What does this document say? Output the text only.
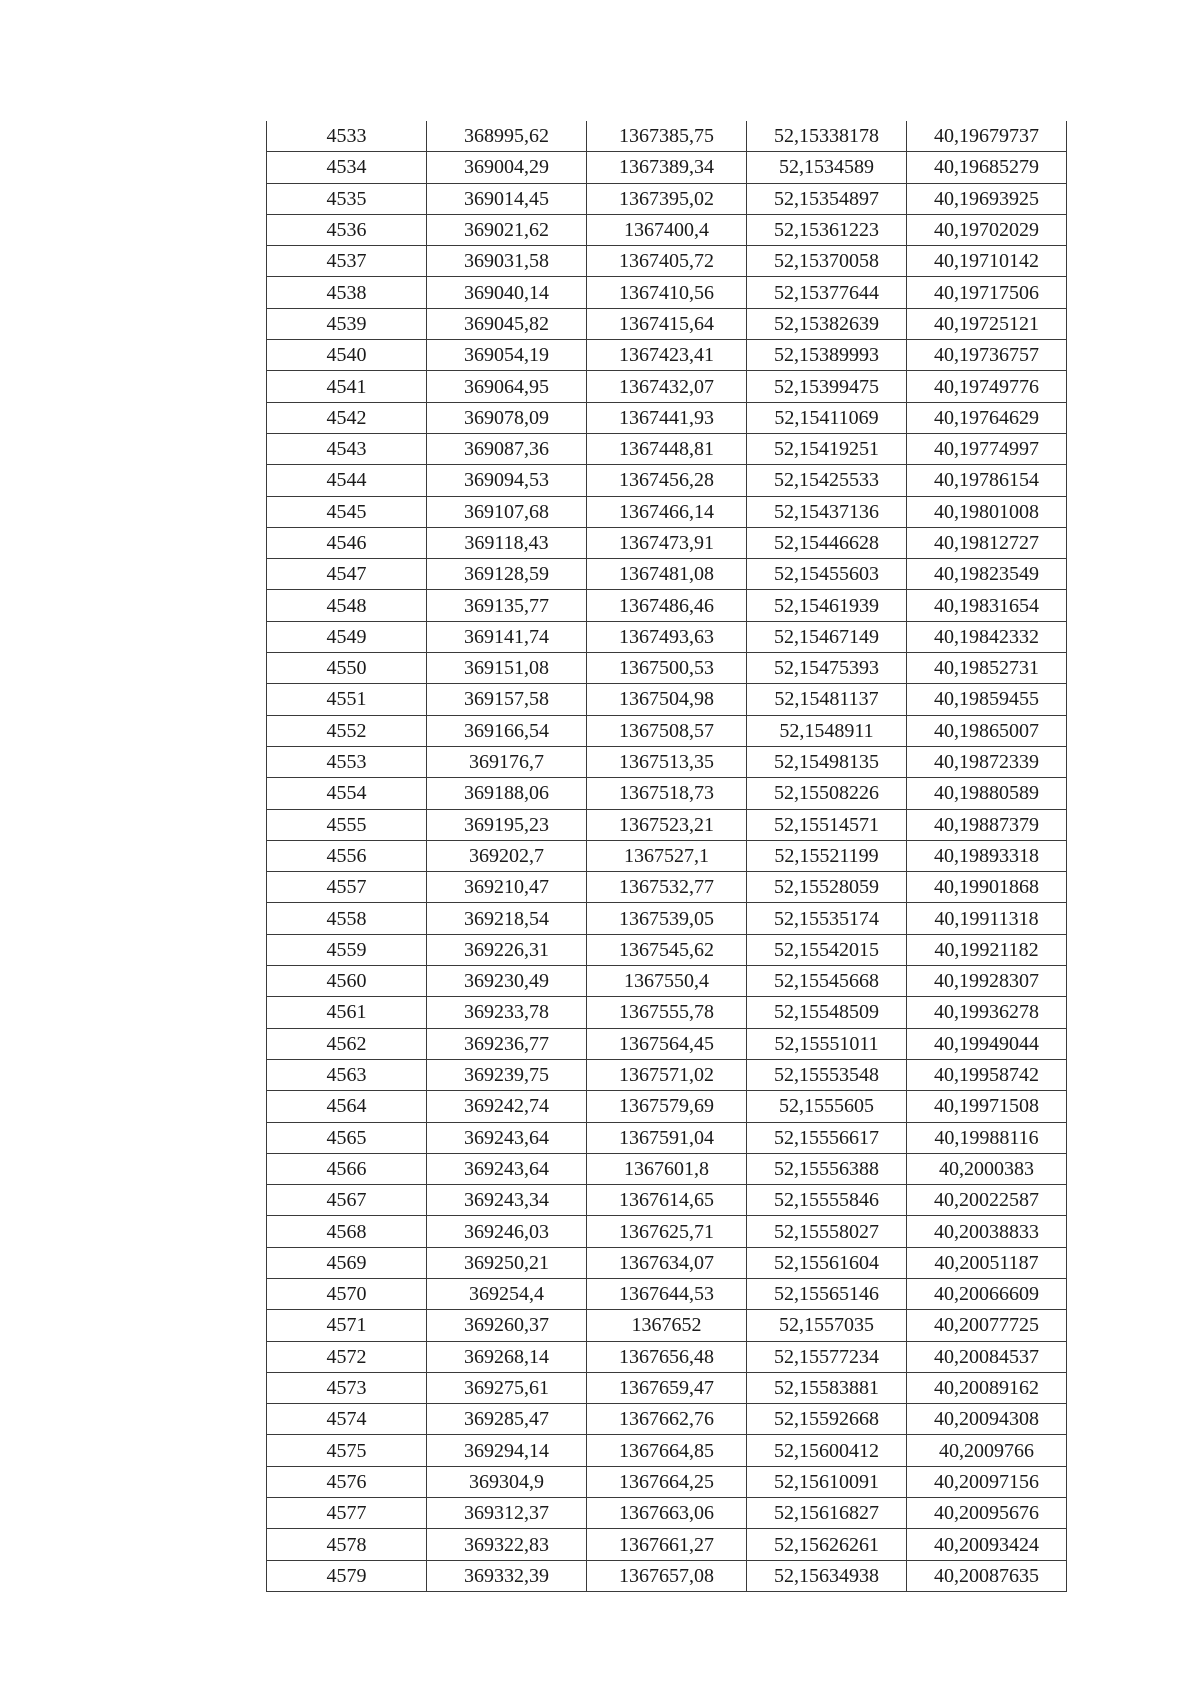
4533	368995,62	1367385,75	52,15338178	40,19679737
4534	369004,29	1367389,34	52,1534589	40,19685279
4535	369014,45	1367395,02	52,15354897	40,19693925
4536	369021,62	1367400,4	52,15361223	40,19702029
4537	369031,58	1367405,72	52,15370058	40,19710142
4538	369040,14	1367410,56	52,15377644	40,19717506
4539	369045,82	1367415,64	52,15382639	40,19725121
4540	369054,19	1367423,41	52,15389993	40,19736757
4541	369064,95	1367432,07	52,15399475	40,19749776
4542	369078,09	1367441,93	52,15411069	40,19764629
4543	369087,36	1367448,81	52,15419251	40,19774997
4544	369094,53	1367456,28	52,15425533	40,19786154
4545	369107,68	1367466,14	52,15437136	40,19801008
4546	369118,43	1367473,91	52,15446628	40,19812727
4547	369128,59	1367481,08	52,15455603	40,19823549
4548	369135,77	1367486,46	52,15461939	40,19831654
4549	369141,74	1367493,63	52,15467149	40,19842332
4550	369151,08	1367500,53	52,15475393	40,19852731
4551	369157,58	1367504,98	52,15481137	40,19859455
4552	369166,54	1367508,57	52,1548911	40,19865007
4553	369176,7	1367513,35	52,15498135	40,19872339
4554	369188,06	1367518,73	52,15508226	40,19880589
4555	369195,23	1367523,21	52,15514571	40,19887379
4556	369202,7	1367527,1	52,15521199	40,19893318
4557	369210,47	1367532,77	52,15528059	40,19901868
4558	369218,54	1367539,05	52,15535174	40,19911318
4559	369226,31	1367545,62	52,15542015	40,19921182
4560	369230,49	1367550,4	52,15545668	40,19928307
4561	369233,78	1367555,78	52,15548509	40,19936278
4562	369236,77	1367564,45	52,15551011	40,19949044
4563	369239,75	1367571,02	52,15553548	40,19958742
4564	369242,74	1367579,69	52,1555605	40,19971508
4565	369243,64	1367591,04	52,15556617	40,19988116
4566	369243,64	1367601,8	52,15556388	40,2000383
4567	369243,34	1367614,65	52,15555846	40,20022587
4568	369246,03	1367625,71	52,15558027	40,20038833
4569	369250,21	1367634,07	52,15561604	40,20051187
4570	369254,4	1367644,53	52,15565146	40,20066609
4571	369260,37	1367652	52,1557035	40,20077725
4572	369268,14	1367656,48	52,15577234	40,20084537
4573	369275,61	1367659,47	52,15583881	40,20089162
4574	369285,47	1367662,76	52,15592668	40,20094308
4575	369294,14	1367664,85	52,15600412	40,2009766
4576	369304,9	1367664,25	52,15610091	40,20097156
4577	369312,37	1367663,06	52,15616827	40,20095676
4578	369322,83	1367661,27	52,15626261	40,20093424
4579	369332,39	1367657,08	52,15634938	40,20087635
